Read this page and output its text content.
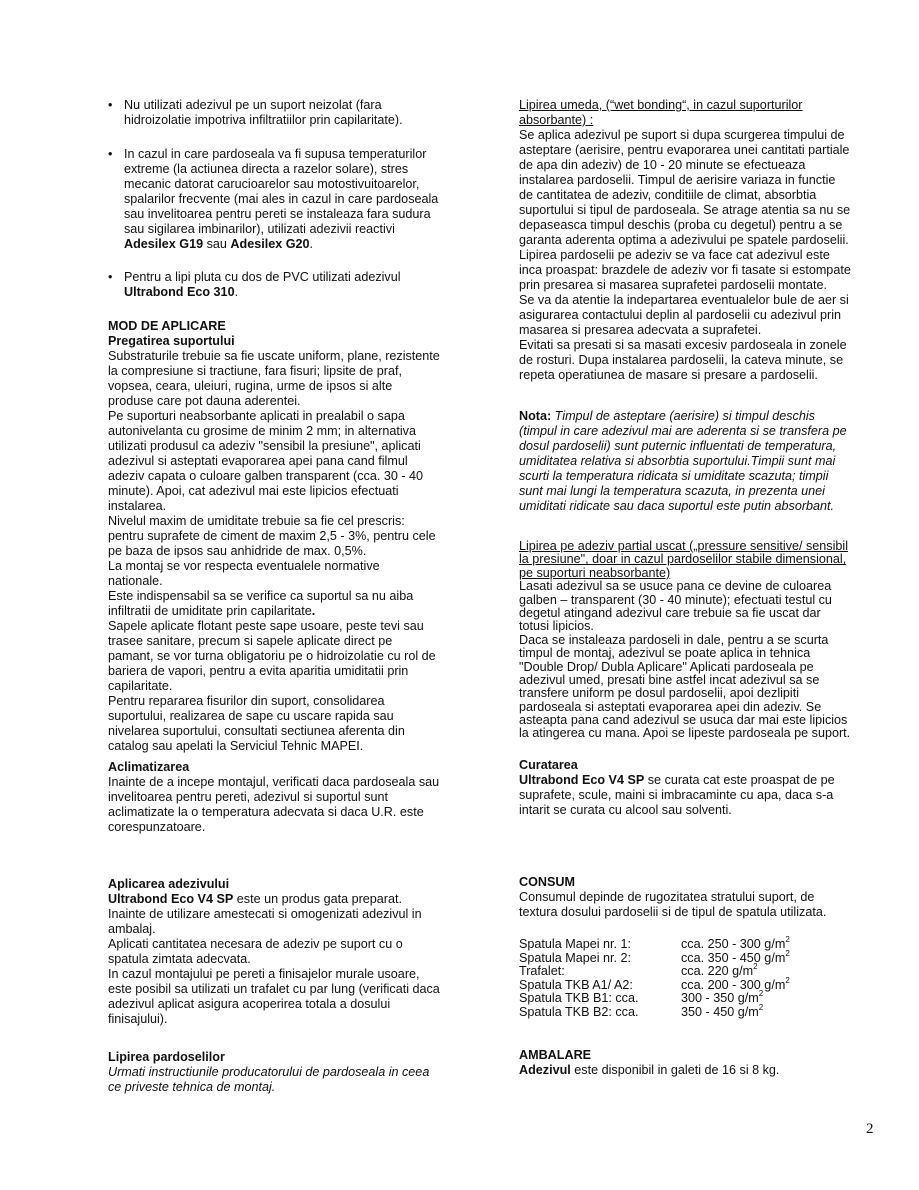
• Nu utilizati adezivul pe un suport neizolat (fara
hidroizolatie impotriva infiltratiilor prin capilaritate).
• In cazul in care pardoseala va fi supusa temperaturilor
extreme (la actiunea directa a razelor solare), stres
mecanic datorat carucioarelor sau motostivuitoarelor,
spalarilor frecvente (mai ales in cazul in care pardoseala
sau invelitoarea pentru pereti se instaleaza fara sudura
sau sigilarea imbinarilor), utilizati adezivii reactivi
Adesilex G19 sau Adesilex G20.
• Pentru a lipi pluta cu dos de PVC utilizati adezivul
Ultrabond Eco 310.
MOD DE APLICARE
Pregatirea suportului
Substraturile trebuie sa fie uscate uniform, plane, rezistente
la compresiune si tractiune, fara fisuri; lipsite de praf,
vopsea, ceara, uleiuri, rugina, urme de ipsos si alte
produse care pot dauna aderentei.
Pe suporturi neabsorbante aplicati in prealabil o sapa
autonivelanta cu grosime de minim 2 mm; in alternativa
utilizati produsul ca adeziv "sensibil la presiune", aplicati
adezivul si asteptati evaporarea apei pana cand filmul
adeziv capata o culoare galben transparent (cca. 30 - 40
minute). Apoi, cat adezivul mai este lipicios efectuati
instalarea.
Nivelul maxim de umiditate trebuie sa fie cel prescris:
pentru suprafete de ciment de maxim 2,5 - 3%, pentru cele
pe baza de ipsos sau anhidride de max. 0,5%.
La montaj se vor respecta eventualele normative
nationale.
Este indispensabil sa se verifice ca suportul sa nu aiba
infiltratii de umiditate prin capilaritate.
Sapele aplicate flotant peste sape usoare, peste tevi sau
trasee sanitare, precum si sapele aplicate direct pe
pamant, se vor turna obligatoriu pe o hidroizolatie cu rol de
bariera de vapori, pentru a evita aparitia umiditatii prin
capilaritate.
Pentru repararea fisurilor din suport, consolidarea
suportului, realizarea de sape cu uscare rapida sau
nivelarea suportului, consultati sectiunea aferenta din
catalog sau apelati la Serviciul Tehnic MAPEI.
Aclimatizarea
Inainte de a incepe montajul, verificati daca pardoseala sau
invelitoarea pentru pereti, adezivul si suportul sunt
aclimatizate la o temperatura adecvata si daca U.R. este
corespunzatoare.
Aplicarea adezivului
Ultrabond Eco V4 SP este un produs gata preparat.
Inainte de utilizare amestecati si omogenizati adezivul in
ambalaj.
Aplicati cantitatea necesara de adeziv pe suport cu o
spatula zimtata adecvata.
In cazul montajului pe pereti a finisajelor murale usoare,
este posibil sa utilizati un trafalet cu par lung (verificati daca
adezivul aplicat asigura acoperirea totala a dosului
finisajului).
Lipirea pardoselilor
Urmati instructiunile producatorului de pardoseala in ceea
ce priveste tehnica de montaj.
Lipirea umeda, (“wet bonding“, in cazul suporturilor
absorbante) :
Se aplica adezivul pe suport si dupa scurgerea timpului de
asteptare (aerisire, pentru evaporarea unei cantitati partiale
de apa din adeziv) de 10 - 20 minute se efectueaza
instalarea pardoselii. Timpul de aerisire variaza in functie
de cantitatea de adeziv, conditiile de climat, absorbtia
suportului si tipul de pardoseala. Se atrage atentia sa nu se
depaseasca timpul deschis (proba cu degetul) pentru a se
garanta aderenta optima a adezivului pe spatele pardoselii.
Lipirea pardoselii pe adeziv se va face cat adezivul este
inca proaspat: brazdele de adeziv vor fi tasate si estompate
prin presarea si masarea suprafetei pardoselii montate.
Se va da atentie la indepartarea eventualelor bule de aer si
asigurarea contactului deplin al pardoselii cu adezivul prin
masarea si presarea adecvata a suprafetei.
Evitati sa presati si sa masati excesiv pardoseala in zonele
de rosturi. Dupa instalarea pardoselii, la cateva minute, se
repeta operatiunea de masare si presare a pardoselii.
Nota: Timpul de asteptare (aerisire) si timpul deschis
(timpul in care adezivul mai are aderenta si se transfera pe
dosul pardoselii) sunt puternic influentati de temperatura,
umiditatea relativa si absorbtia suportului.Timpii sunt mai
scurti la temperatura ridicata si umiditate scazuta; timpii
sunt mai lungi la temperatura scazuta, in prezenta unei
umiditati ridicate sau daca suportul este putin absorbant.
Lipirea pe adeziv partial uscat („pressure sensitive/ sensibil
la presiune", doar in cazul pardoselilor stabile dimensional,
pe suporturi neabsorbante)
Lasati adezivul sa se usuce pana ce devine de culoarea
galben – transparent (30 - 40 minute); efectuati testul cu
degetul atingand adezivul care trebuie sa fie uscat dar
totusi lipicios.
Daca se instaleaza pardoseli in dale, pentru a se scurta
timpul de montaj, adezivul se poate aplica in tehnica
"Double Drop/ Dubla Aplicare" Aplicati pardoseala pe
adezivul umed, presati bine astfel incat adezivul sa se
transfere uniform pe dosul pardoselii, apoi dezlipiti
pardoseala si asteptati evaporarea apei din adeziv. Se
asteapta pana cand adezivul se usuca dar mai este lipicios
la atingerea cu mana. Apoi se lipeste pardoseala pe suport.
Curatarea
Ultrabond Eco V4 SP se curata cat este proaspat de pe
suprafete, scule, maini si imbracaminte cu apa, daca s-a
intarit se curata cu alcool sau solventi.
CONSUM
Consumul depinde de rugozitatea stratului suport, de
textura dosului pardoselii si de tipul de spatula utilizata.
Spatula Mapei nr. 1:	cca. 250 - 300 $g/m^2$
Spatula Mapei nr. 2:	cca. 350 - 450 $g/m^2$
Trafalet:	cca. 220 $g/m^2$
Spatula TKB A1/ A2:	cca. 200 - 300 $g/m^2$
Spatula TKB B1: cca.	300 - 350 $g/m^2$
Spatula TKB B2: cca.	350 - 450 $g/m^2$
AMBALARE
Adezivul este disponibil in galeti de 16 si 8 kg.
2
